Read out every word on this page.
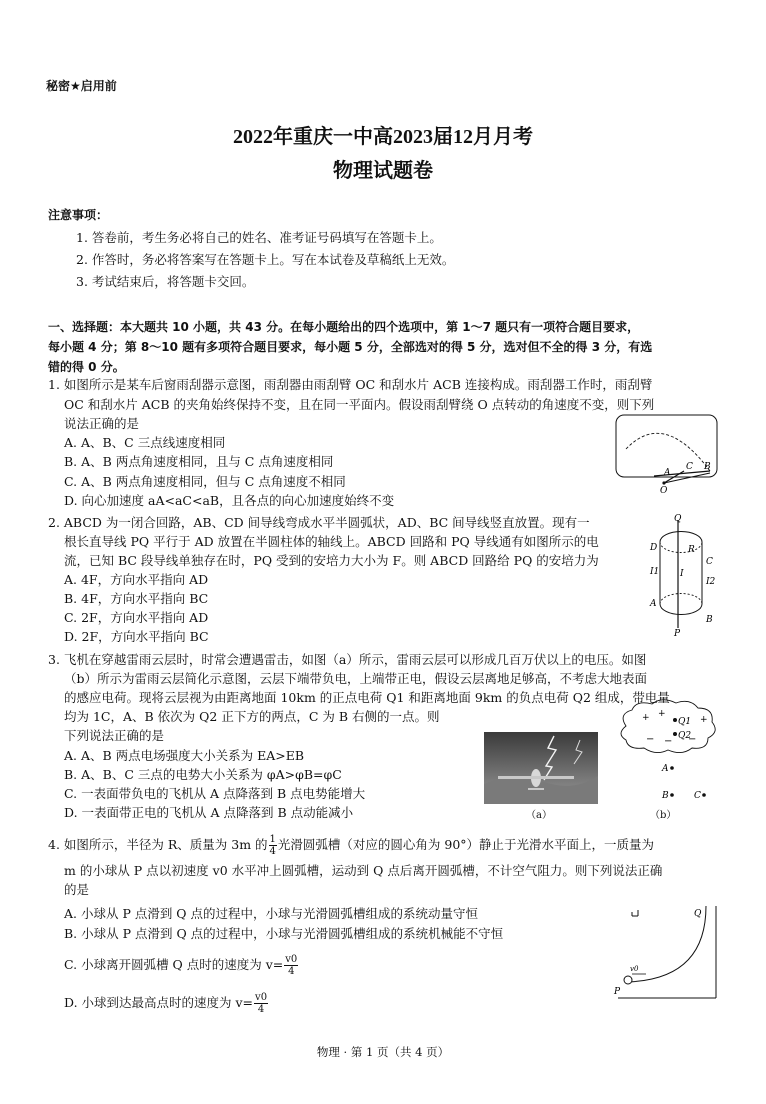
秘密★启用前
2022年重庆一中高2023届12月月考
物理试题卷
注意事项：
1. 答卷前，考生务必将自己的姓名、准考证号码填写在答题卡上。
2. 作答时，务必将答案写在答题卡上。写在本试卷及草稿纸上无效。
3. 考试结束后，将答题卡交回。
一、选择题：本大题共 10 小题，共 43 分。在每小题给出的四个选项中，第 1～7 题只有一项符合题目要求，
每小题 4 分；第 8～10 题有多项符合题目要求，每小题 5 分，全部选对的得 5 分，选对但不全的得 3 分，有选
错的得 0 分。
1. 如图所示是某车后窗雨刮器示意图，雨刮器由雨刮臂 OC 和刮水片 ACB 连接构成。雨刮器工作时，雨刮臂
OC 和刮水片 ACB 的夹角始终保持不变，且在同一平面内。假设雨刮臂绕 O 点转动的角速度不变，则下列
说法正确的是
A. A、B、C 三点线速度相同
B. A、B 两点角速度相同，且与 C 点角速度相同
C. A、B 两点角速度相同，但与 C 点角速度不相同
D. 向心加速度 aA<aC<aB，且各点的向心加速度始终不变
A
C B
O
2. ABCD 为一闭合回路，AB、CD 间导线弯成水平半圆弧状，AD、BC 间导线竖直放置。现有一
根长直导线 PQ 平行于 AD 放置在半圆柱体的轴线上。ABCD 回路和 PQ 导线通有如图所示的电
流，已知 BC 段导线单独存在时，PQ 受到的安培力大小为 F。则 ABCD 回路给 PQ 的安培力为
A. 4F，方向水平指向 AD
B. 4F，方向水平指向 BC
C. 2F，方向水平指向 AD
D. 2F，方向水平指向 BC
Q
D	R
C
I1 I
I2
A
B
P
3. 飞机在穿越雷雨云层时，时常会遭遇雷击，如图（a）所示，雷雨云层可以形成几百万伏以上的电压。如图
（b）所示为雷雨云层简化示意图，云层下端带负电，上端带正电，假设云层离地足够高，不考虑大地表面
的感应电荷。现将云层视为由距离地面 10km 的正点电荷 Q1 和距离地面 9km 的负点电荷 Q2 组成，带电量
均为 1C，A、B 依次为 Q2 正下方的两点，C 为 B 右侧的一点。则
下列说法正确的是
A. A、B 两点电场强度大小关系为 EA>EB
B. A、B、C 三点的电势大小关系为 φA>φB=φC
C. 一表面带负电的飞机从 A 点降落到 B 点电势能增大
D. 一表面带正电的飞机从 A 点降落到 B 点动能减小	（a）
+ +
+
Q1
− − −
Q2
A
B	C
（b）
4. 如图所示，半径为 R、质量为 3m 的 $\frac{1}{4}$ 光滑圆弧槽（对应的圆心角为 90°）静止于光滑水平面上，一质量为
m 的小球从 P 点以初速度 v0 水平冲上圆弧槽，运动到 Q 点后离开圆弧槽，不计空气阻力。则下列说法正确
的是
A. 小球从 P 点滑到 Q 点的过程中，小球与光滑圆弧槽组成的系统动量守恒
B. 小球从 P 点滑到 Q 点的过程中，小球与光滑圆弧槽组成的系统机械能不守恒
C. 小球离开圆弧槽 Q 点时的速度为 $v= \frac{v0}{4}$
D. 小球到达最高点时的速度为 $v= \frac{v0}{4}$
Q
P
v0
物理 · 第 1 页（共 4 页）
